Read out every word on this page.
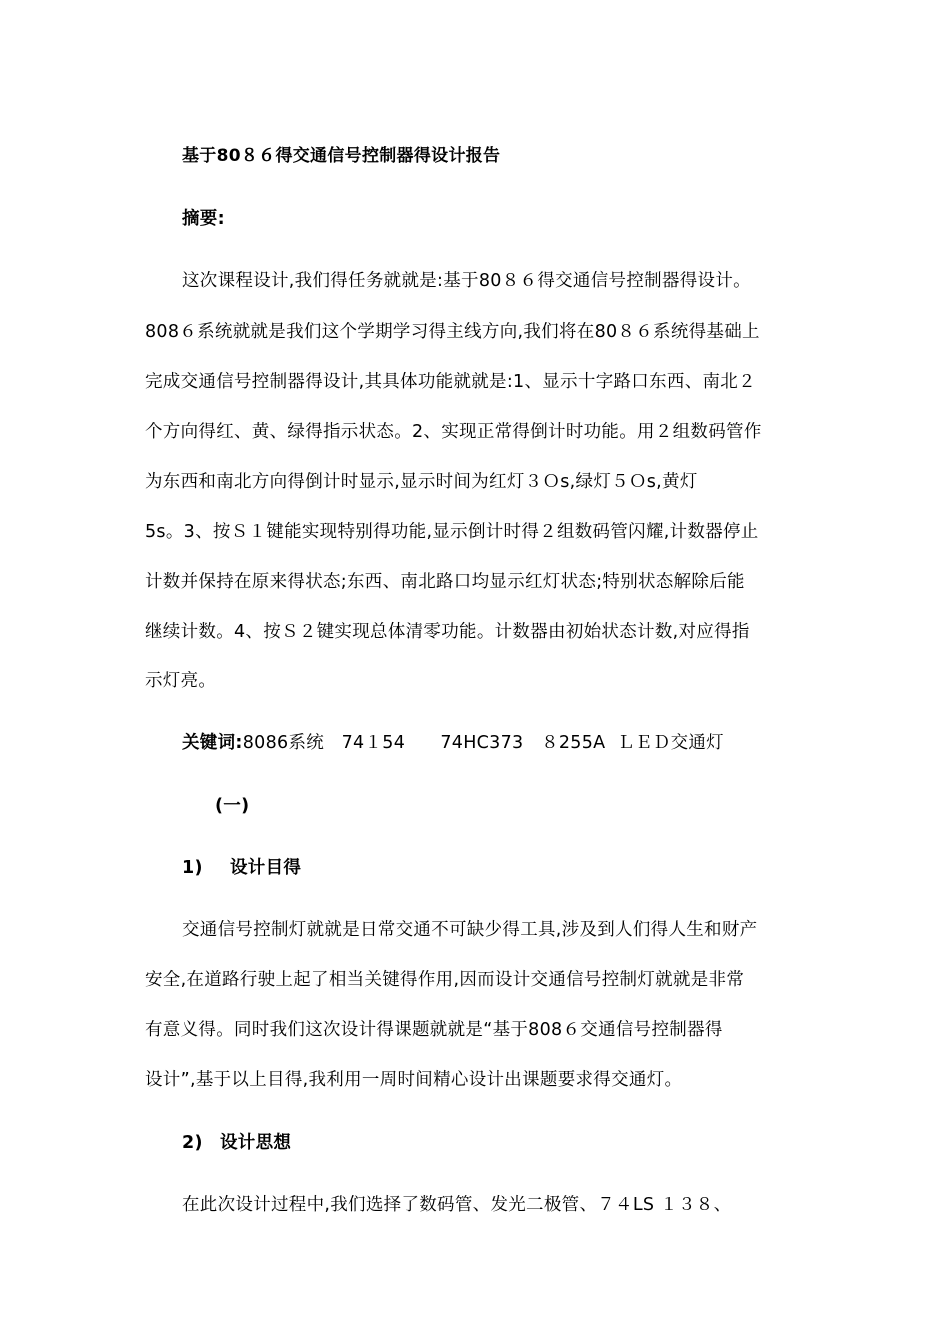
基于80８６得交通信号控制器得设计报告
摘要:
这次课程设计,我们得任务就就是:基于80８６得交通信号控制器得设计。
808６系统就就是我们这个学期学习得主线方向,我们将在80８６系统得基础上
完成交通信号控制器得设计,其具体功能就就是:1、显示十字路口东西、南北２
个方向得红、黄、绿得指示状态。2、实现正常得倒计时功能。用２组数码管作
为东西和南北方向得倒计时显示,显示时间为红灯３Ｏs,绿灯５Ｏs,黄灯
5s。3、按Ｓ１键能实现特别得功能,显示倒计时得２组数码管闪耀,计数器停止
计数并保持在原来得状态;东西、南北路口均显示红灯状态;特别状态解除后能
继续计数。4、按Ｓ２键实现总体清零功能。计数器由初始状态计数,对应得指
示灯亮。
关键词:8086系统   74１54      74HC373   ８255A  ＬＥＤ交通灯
(一)
1) 设计目得
交通信号控制灯就就是日常交通不可缺少得工具,涉及到人们得人生和财产
安全,在道路行驶上起了相当关键得作用,因而设计交通信号控制灯就就是非常
有意义得。同时我们这次设计得课题就就是“基于808６交通信号控制器得
设计”,基于以上目得,我利用一周时间精心设计出课题要求得交通灯。
2) 设计思想
在此次设计过程中,我们选择了数码管、发光二极管、７４LS １３８、
